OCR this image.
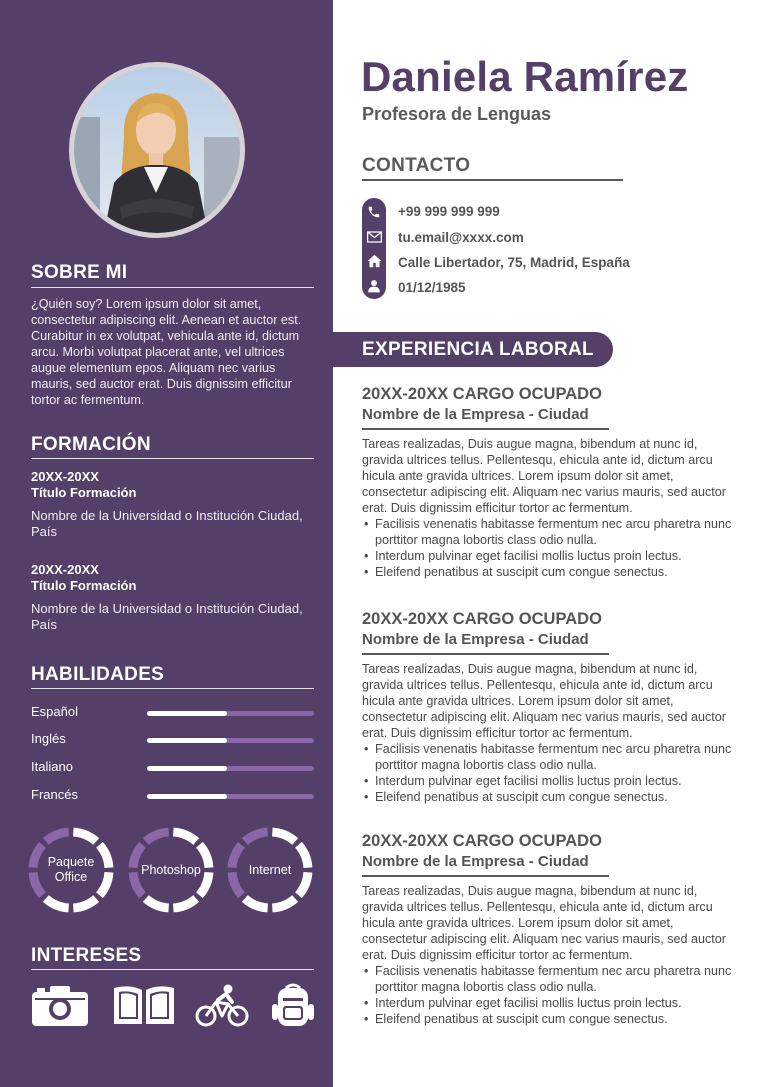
SOBRE MI
¿Quién soy? Lorem ipsum dolor sit amet, consectetur adipiscing elit. Aenean et auctor est. Curabitur in ex volutpat, vehicula ante id, dictum arcu. Morbi volutpat placerat ante, vel ultrices augue elementum epos. Aliquam nec varius mauris, sed auctor erat. Duis dignissim efficitur tortor ac fermentum.
FORMACIÓN
20XX-20XX
Título Formación
Nombre de la Universidad o Institución Ciudad, País
20XX-20XX
Título Formación
Nombre de la Universidad o Institución Ciudad, País
HABILIDADES
Español
Inglés
Italiano
Francés
Paquete Office
Photoshop	Internet
INTERESES
Daniela Ramírez
Profesora de Lenguas
CONTACTO
+99 999 999 999
tu.email@xxxx.com
Calle Libertador, 75, Madrid, España
01/12/1985
EXPERIENCIA LABORAL
20XX-20XX CARGO OCUPADO
Nombre de la Empresa - Ciudad
Tareas realizadas, Duis augue magna, bibendum at nunc id, gravida ultrices tellus. Pellentesqu, ehicula ante id, dictum arcu hicula ante gravida ultrices. Lorem ipsum dolor sit amet, consectetur adipiscing elit. Aliquam nec varius mauris, sed auctor erat. Duis dignissim efficitur tortor ac fermentum.
• Facilisis venenatis habitasse fermentum nec arcu pharetra nunc porttitor magna lobortis class odio nulla.
• Interdum pulvinar eget facilisi mollis luctus proin lectus.
• Eleifend penatibus at suscipit cum congue senectus.
20XX-20XX CARGO OCUPADO
Nombre de la Empresa - Ciudad
Tareas realizadas, Duis augue magna, bibendum at nunc id, gravida ultrices tellus. Pellentesqu, ehicula ante id, dictum arcu hicula ante gravida ultrices. Lorem ipsum dolor sit amet, consectetur adipiscing elit. Aliquam nec varius mauris, sed auctor erat. Duis dignissim efficitur tortor ac fermentum.
• Facilisis venenatis habitasse fermentum nec arcu pharetra nunc porttitor magna lobortis class odio nulla.
• Interdum pulvinar eget facilisi mollis luctus proin lectus.
• Eleifend penatibus at suscipit cum congue senectus.
20XX-20XX CARGO OCUPADO
Nombre de la Empresa - Ciudad
Tareas realizadas, Duis augue magna, bibendum at nunc id, gravida ultrices tellus. Pellentesqu, ehicula ante id, dictum arcu hicula ante gravida ultrices. Lorem ipsum dolor sit amet, consectetur adipiscing elit. Aliquam nec varius mauris, sed auctor erat. Duis dignissim efficitur tortor ac fermentum.
• Facilisis venenatis habitasse fermentum nec arcu pharetra nunc porttitor magna lobortis class odio nulla.
• Interdum pulvinar eget facilisi mollis luctus proin lectus.
• Eleifend penatibus at suscipit cum congue senectus.
